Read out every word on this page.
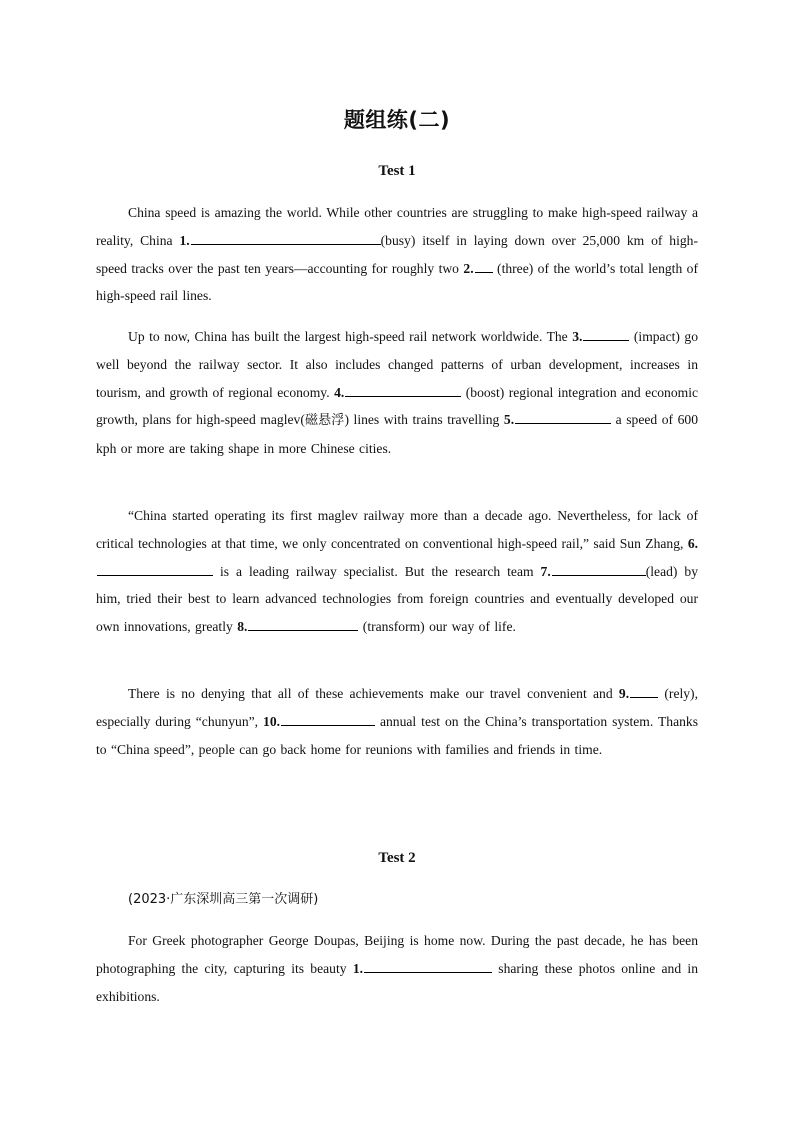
题组练(二)
Test 1
China speed is amazing the world. While other countries are struggling to make high-speed railway a reality, China 1.	(busy) itself in laying down over 25,000 km of high-speed tracks over the past ten years—accounting for roughly two 2. (three) of the world’s total length of high-speed rail lines.
Up to now, China has built the largest high-speed rail network worldwide. The 3.	(impact) go well beyond the railway sector. It also includes changed patterns of urban development, increases in tourism, and growth of regional economy. 4.	(boost) regional integration and economic growth, plans for high-speed maglev(磁悬浮) lines with trains travelling 5.	a speed of 600 kph or more are taking shape in more Chinese cities.
“China started operating its first maglev railway more than a decade ago. Nevertheless, for lack of critical technologies at that time, we only concentrated on conventional high-speed rail,” said Sun Zhang, 6. is a leading railway specialist. But the research team 7.	(lead) by him, tried their best to learn advanced technologies from foreign countries and eventually developed our own innovations, greatly 8.	(transform) our way of life.
There is no denying that all of these achievements make our travel convenient and 9. (rely), especially during “chunyun”, 10.	annual test on the China’s transportation system. Thanks to “China speed”, people can go back home for reunions with families and friends in time.
Test 2
(2023·广东深圳高三第一次调研)
For Greek photographer George Doupas, Beijing is home now. During the past decade, he has been photographing the city, capturing its beauty 1.	sharing these photos online and in exhibitions.
